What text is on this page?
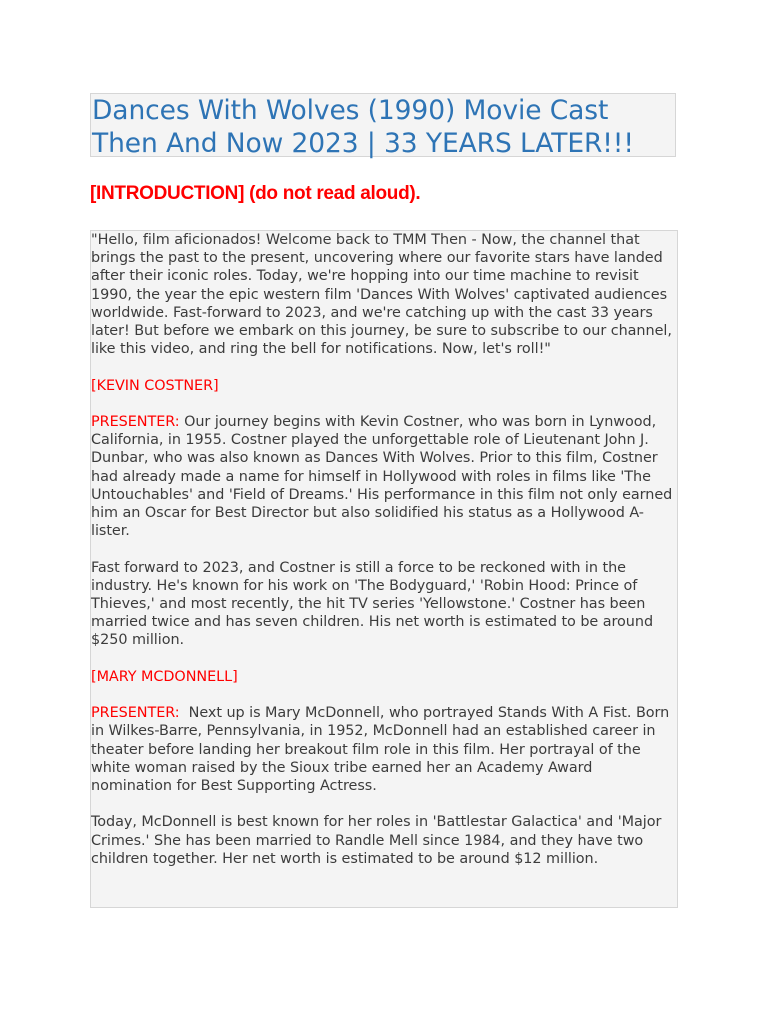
Dances With Wolves (1990) Movie Cast
Then And Now 2023 | 33 YEARS LATER!!!
[INTRODUCTION] (do not read aloud).

"Hello, film aficionados! Welcome back to TMM Then - Now, the channel that brings the past to the present, uncovering where our favorite stars have landed after their iconic roles. Today, we're hopping into our time machine to revisit 1990, the year the epic western film 'Dances With Wolves' captivated audiences worldwide. Fast-forward to 2023, and we're catching up with the cast 33 years later! But before we embark on this journey, be sure to subscribe to our channel, like this video, and ring the bell for notifications. Now, let's roll!"

[KEVIN COSTNER]

PRESENTER: Our journey begins with Kevin Costner, who was born in Lynwood, California, in 1955. Costner played the unforgettable role of Lieutenant John J. Dunbar, who was also known as Dances With Wolves. Prior to this film, Costner had already made a name for himself in Hollywood with roles in films like 'The Untouchables' and 'Field of Dreams.' His performance in this film not only earned him an Oscar for Best Director but also solidified his status as a Hollywood A-lister.

Fast forward to 2023, and Costner is still a force to be reckoned with in the industry. He's known for his work on 'The Bodyguard,' 'Robin Hood: Prince of Thieves,' and most recently, the hit TV series 'Yellowstone.' Costner has been married twice and has seven children. His net worth is estimated to be around $250 million.

[MARY MCDONNELL]

PRESENTER:  Next up is Mary McDonnell, who portrayed Stands With A Fist. Born in Wilkes-Barre, Pennsylvania, in 1952, McDonnell had an established career in theater before landing her breakout film role in this film. Her portrayal of the white woman raised by the Sioux tribe earned her an Academy Award nomination for Best Supporting Actress.

Today, McDonnell is best known for her roles in 'Battlestar Galactica' and 'Major Crimes.' She has been married to Randle Mell since 1984, and they have two children together. Her net worth is estimated to be around $12 million.
